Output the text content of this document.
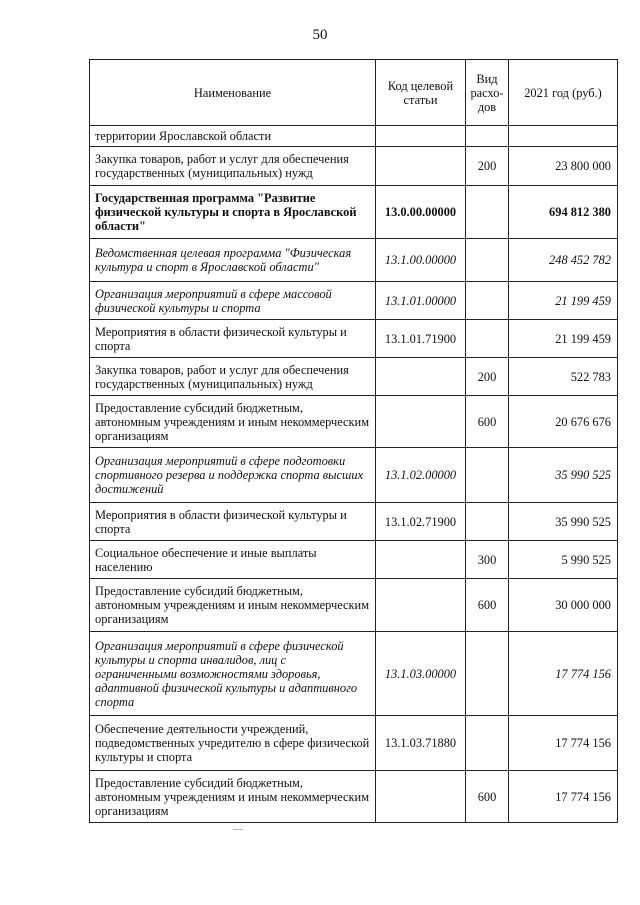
50
Наименование	Код целевой статьи	Вид расхо-дов	2021 год (руб.)
территории Ярославской области			
Закупка товаров, работ и услуг для обеспечения государственных (муниципальных) нужд		200	23 800 000
Государственная программа "Развитие физической культуры и спорта в Ярославской области"	13.0.00.00000		694 812 380
Ведомственная целевая программа "Физическая культура и спорт в Ярославской области"	13.1.00.00000		248 452 782
Организация мероприятий в сфере массовой физической культуры и спорта	13.1.01.00000		21 199 459
Мероприятия в области физической культуры и спорта	13.1.01.71900		21 199 459
Закупка товаров, работ и услуг для обеспечения государственных (муниципальных) нужд		200	522 783
Предоставление субсидий бюджетным, автономным учреждениям и иным некоммерческим организациям		600	20 676 676
Организация мероприятий в сфере подготовки спортивного резерва и поддержка спорта высших достижений	13.1.02.00000		35 990 525
Мероприятия в области физической культуры и спорта	13.1.02.71900		35 990 525
Социальное обеспечение и иные выплаты населению		300	5 990 525
Предоставление субсидий бюджетным, автономным учреждениям и иным некоммерческим организациям		600	30 000 000
Организация мероприятий в сфере физической культуры и спорта инвалидов, лиц с ограниченными возможностями здоровья, адаптивной физической культуры и адаптивного спорта	13.1.03.00000		17 774 156
Обеспечение деятельности учреждений, подведомственных учредителю в сфере физической культуры и спорта	13.1.03.71880		17 774 156
Предоставление субсидий бюджетным, автономным учреждениям и иным некоммерческим организациям		600	17 774 156
